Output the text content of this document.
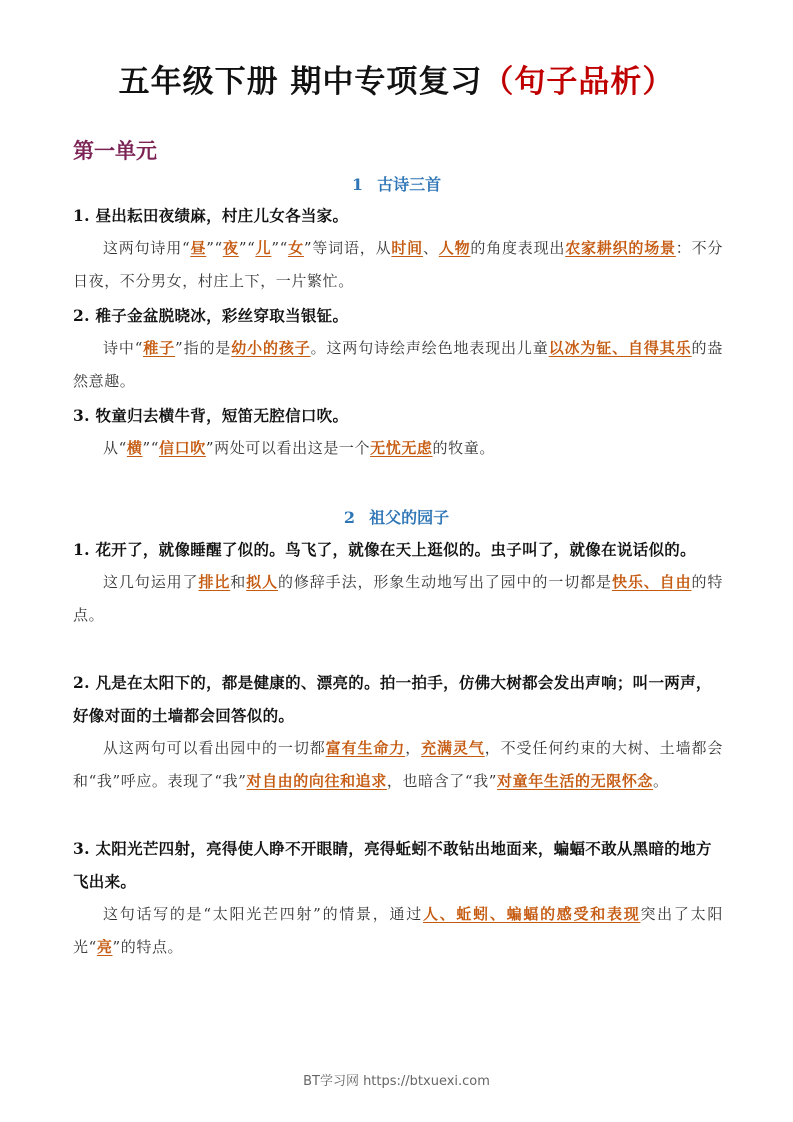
五年级下册 期中专项复习（句子品析）
第一单元
1 古诗三首
1. 昼出耘田夜绩麻，村庄儿女各当家。
这两句诗用“昼”“夜”“儿”“女”等词语，从时间、人物的角度表现出农家耕织的场景：不分日夜，不分男女，村庄上下，一片繁忙。
2. 稚子金盆脱晓冰，彩丝穿取当银钲。
诗中“稚子”指的是幼小的孩子。这两句诗绘声绘色地表现出儿童以冰为钲、自得其乐的盎然意趣。
3. 牧童归去横牛背，短笛无腔信口吹。
从“横”“信口吹”两处可以看出这是一个无忧无虑的牧童。
2 祖父的园子
1. 花开了，就像睡醒了似的。鸟飞了，就像在天上逛似的。虫子叫了，就像在说话似的。
这几句运用了排比和拟人的修辞手法，形象生动地写出了园中的一切都是快乐、自由的特点。
2. 凡是在太阳下的，都是健康的、漂亮的。拍一拍手，仿佛大树都会发出声响；叫一两声，好像对面的土墙都会回答似的。
从这两句可以看出园中的一切都富有生命力，充满灵气，不受任何约束的大树、土墙都会和“我”呼应。表现了“我”对自由的向往和追求，也暗含了“我”对童年生活的无限怀念。
3. 太阳光芒四射，亮得使人睁不开眼睛，亮得蚯蚓不敢钻出地面来，蝙蝠不敢从黑暗的地方飞出来。
这句话写的是“太阳光芒四射”的情景，通过人、蚯蚓、蝙蝠的感受和表现突出了太阳光“亮”的特点。
BT学习网 https://btxuexi.com
